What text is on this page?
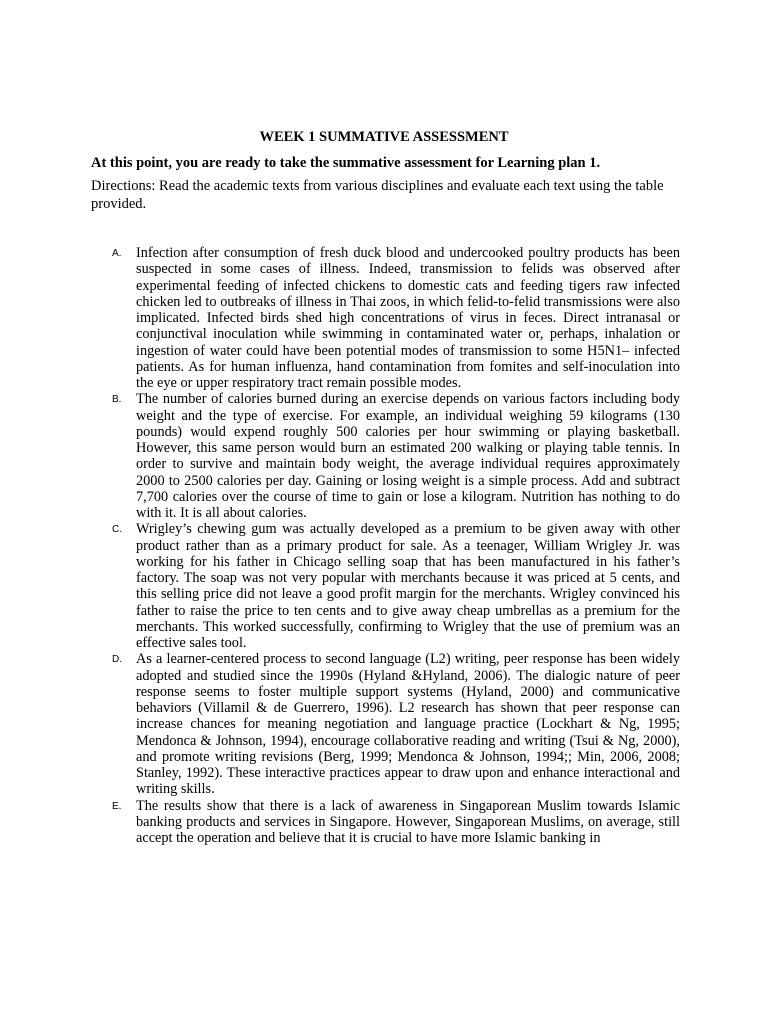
WEEK 1 SUMMATIVE ASSESSMENT
At this point, you are ready to take the summative assessment for Learning plan 1.
Directions: Read the academic texts from various disciplines and evaluate each text using the table provided.
A. Infection after consumption of fresh duck blood and undercooked poultry products has been suspected in some cases of illness. Indeed, transmission to felids was observed after experimental feeding of infected chickens to domestic cats and feeding tigers raw infected chicken led to outbreaks of illness in Thai zoos, in which felid-to-felid transmissions were also implicated. Infected birds shed high concentrations of virus in feces. Direct intranasal or conjunctival inoculation while swimming in contaminated water or, perhaps, inhalation or ingestion of water could have been potential modes of transmission to some H5N1– infected patients. As for human influenza, hand contamination from fomites and self-inoculation into the eye or upper respiratory tract remain possible modes.
B. The number of calories burned during an exercise depends on various factors including body weight and the type of exercise. For example, an individual weighing 59 kilograms (130 pounds) would expend roughly 500 calories per hour swimming or playing basketball. However, this same person would burn an estimated 200 walking or playing table tennis. In order to survive and maintain body weight, the average individual requires approximately 2000 to 2500 calories per day. Gaining or losing weight is a simple process. Add and subtract 7,700 calories over the course of time to gain or lose a kilogram. Nutrition has nothing to do with it. It is all about calories.
C. Wrigley’s chewing gum was actually developed as a premium to be given away with other product rather than as a primary product for sale. As a teenager, William Wrigley Jr. was working for his father in Chicago selling soap that has been manufactured in his father’s factory. The soap was not very popular with merchants because it was priced at 5 cents, and this selling price did not leave a good profit margin for the merchants. Wrigley convinced his father to raise the price to ten cents and to give away cheap umbrellas as a premium for the merchants. This worked successfully, confirming to Wrigley that the use of premium was an effective sales tool.
D. As a learner-centered process to second language (L2) writing, peer response has been widely adopted and studied since the 1990s (Hyland &Hyland, 2006). The dialogic nature of peer response seems to foster multiple support systems (Hyland, 2000) and communicative behaviors (Villamil & de Guerrero, 1996). L2 research has shown that peer response can increase chances for meaning negotiation and language practice (Lockhart & Ng, 1995; Mendonca & Johnson, 1994), encourage collaborative reading and writing (Tsui & Ng, 2000), and promote writing revisions (Berg, 1999; Mendonca & Johnson, 1994;; Min, 2006, 2008; Stanley, 1992). These interactive practices appear to draw upon and enhance interactional and writing skills.
E. The results show that there is a lack of awareness in Singaporean Muslim towards Islamic banking products and services in Singapore. However, Singaporean Muslims, on average, still accept the operation and believe that it is crucial to have more Islamic banking in
